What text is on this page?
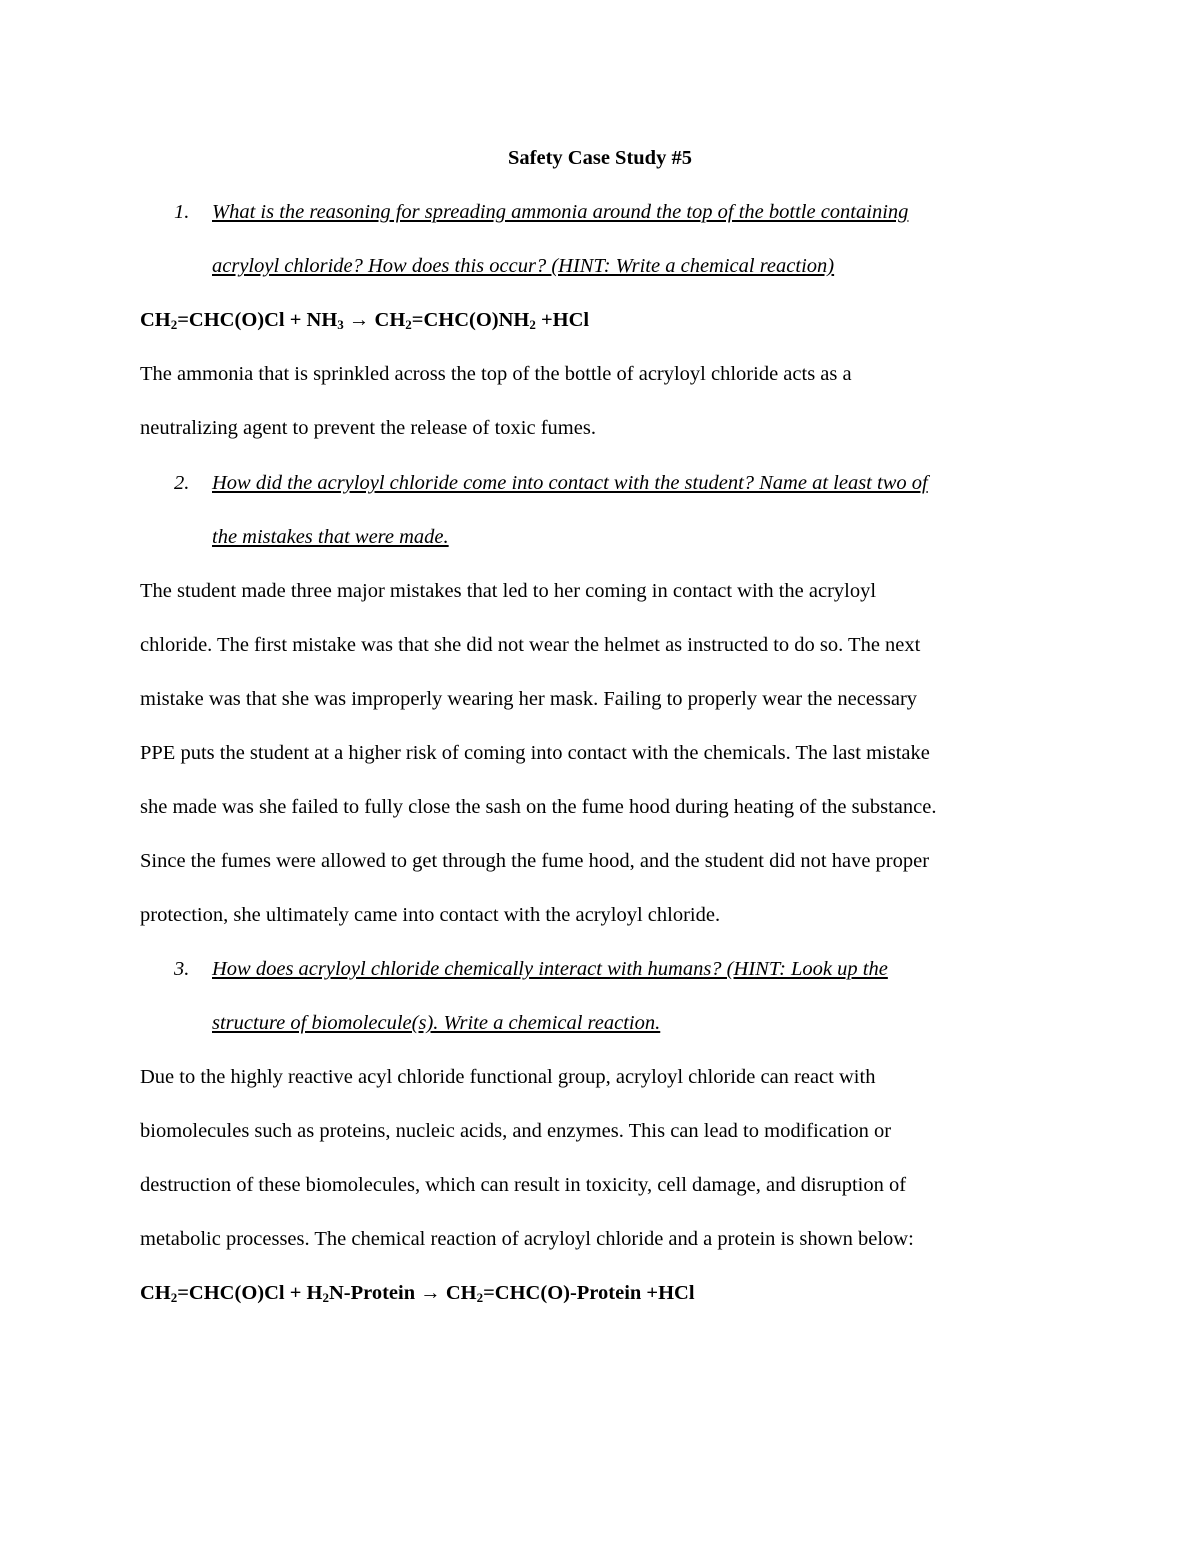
Safety Case Study #5
1. What is the reasoning for spreading ammonia around the top of the bottle containing
acryloyl chloride? How does this occur? (HINT: Write a chemical reaction)
$CH_2=CHC(O)Cl + NH_3 \to CH_2=CHC(O)NH_2 +HCl$
The ammonia that is sprinkled across the top of the bottle of acryloyl chloride acts as a
neutralizing agent to prevent the release of toxic fumes.
2. How did the acryloyl chloride come into contact with the student? Name at least two of
the mistakes that were made.
The student made three major mistakes that led to her coming in contact with the acryloyl
chloride. The first mistake was that she did not wear the helmet as instructed to do so. The next
mistake was that she was improperly wearing her mask. Failing to properly wear the necessary
PPE puts the student at a higher risk of coming into contact with the chemicals. The last mistake
she made was she failed to fully close the sash on the fume hood during heating of the substance.
Since the fumes were allowed to get through the fume hood, and the student did not have proper
protection, she ultimately came into contact with the acryloyl chloride.
3. How does acryloyl chloride chemically interact with humans? (HINT: Look up the
structure of biomolecule(s). Write a chemical reaction.
Due to the highly reactive acyl chloride functional group, acryloyl chloride can react with
biomolecules such as proteins, nucleic acids, and enzymes. This can lead to modification or
destruction of these biomolecules, which can result in toxicity, cell damage, and disruption of
metabolic processes. The chemical reaction of acryloyl chloride and a protein is shown below:
$CH_2=CHC(O)Cl$ + $H_2N$-Protein → $CH_2=CHC(O)$-Protein +HCl
